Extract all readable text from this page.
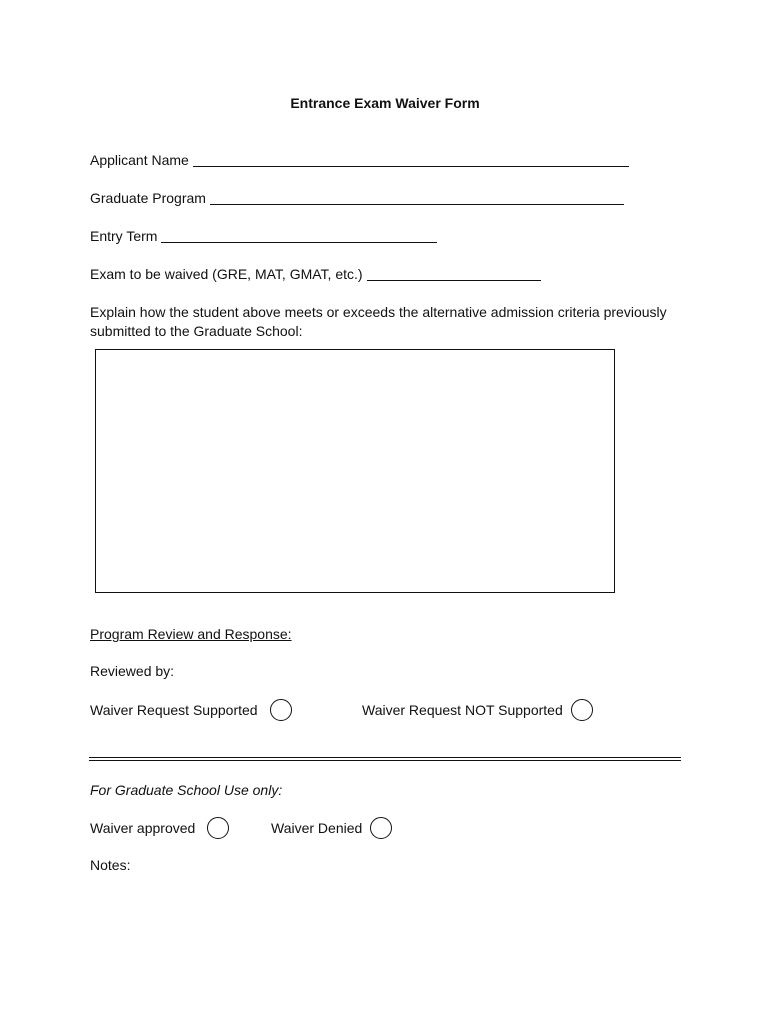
Entrance Exam Waiver Form
Applicant Name
Graduate Program
Entry Term
Exam to be waived (GRE, MAT, GMAT, etc.)
Explain how the student above meets or exceeds the alternative admission criteria previously submitted to the Graduate School:
Program Review and Response:
Reviewed by:
Waiver Request Supported	Waiver Request NOT Supported
For Graduate School Use only:
Waiver approved	Waiver Denied
Notes:
